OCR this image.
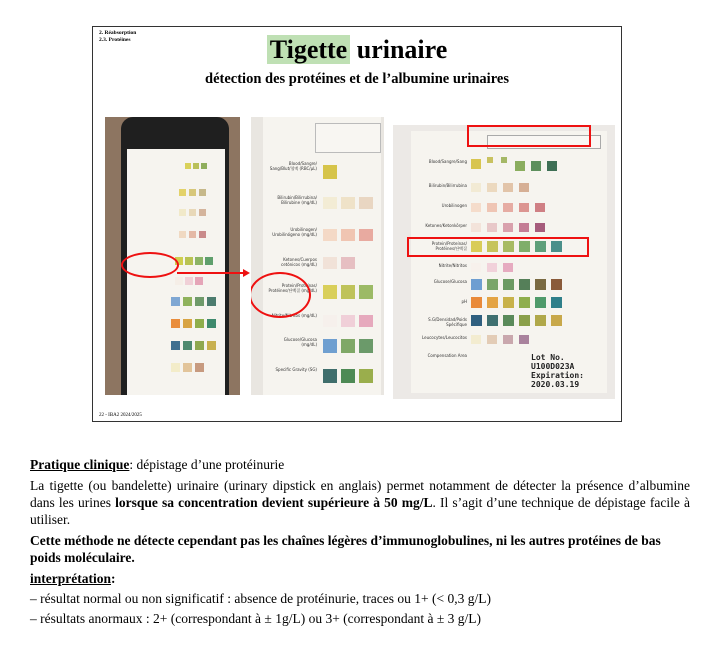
2. Réabsorption
2.3. Protéines	Tigette urinaire
détection des protéines et de l’albumine urinaires
Blood/Sangre/ Sang/Blut/혈액 (RBC/µL)
Bilirubin/Bilirrubina/ Bilirubine (mg/dL)
Urobilinogen/ Urobilinógeno (mg/dL)
Ketones/Cuerpos cetónicos (mg/dL)
Protein/Proteínas/ Protéines/단백질 (mg/dL)
Nitrite/Nitritos (mg/dL)
Glucose/Glucosa (mg/dL)
Specific Gravity (SG)
Blood/Sangre/Sang
Bilirubin/Bilirrubina
Urobilinogen
Ketones/Ketonkörper
Protein/Proteínas/ Protéines/단백질
Nitrite/Nitritos
Glucose/Glucosa
pH
S.G/Densidad/Poids Spécifique
Leucocytes/Leucocitos
Compensation Area	Lot No. U100D023A
Expiration: 2020.03.19
22 - IBA2 2024/2025
Pratique clinique: dépistage d’une protéinurie
La tigette (ou bandelette) urinaire (urinary dipstick en anglais) permet notamment de détecter la présence d’albumine dans les urines lorsque sa concentration devient supérieure à 50 mg/L. Il s’agit d’une technique de dépistage facile à utiliser.
Cette méthode ne détecte cependant pas les chaînes légères d’immunoglobulines, ni les autres protéines de bas poids moléculaire.
interprétation:
– résultat normal ou non significatif : absence de protéinurie, traces ou 1+ (< 0,3 g/L)
– résultats anormaux : 2+ (correspondant à ± 1g/L) ou 3+ (correspondant à ± 3 g/L)
